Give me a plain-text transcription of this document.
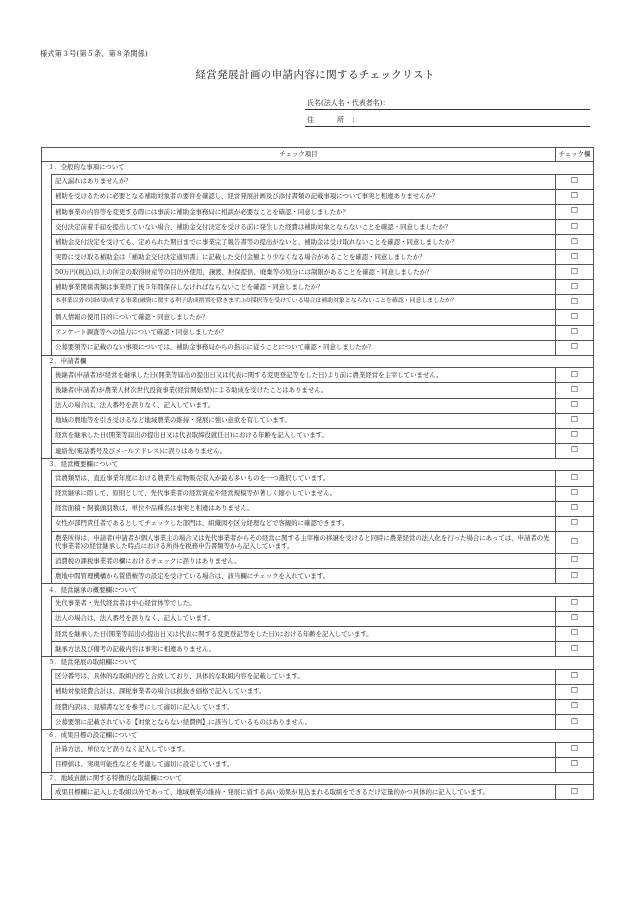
様式第３号(第５条、第８条関係)
経営発展計画の申請内容に関するチェックリスト
氏名(法人名・代表者名)：
住　所：
チェック項目		チェック欄
１．全般的な事項について		
	記入漏れはありませんか？	☐
	補助を受けるために必要となる補助対象者の要件を確認し、経営発展計画及び添付書類の記載事項について事実と相違ありませんか？	☐
	補助事業の内容等を変更する際には事前に補助金事務局に相談が必要なことを確認・同意しましたか？	☐
	交付決定前着手届を提出していない場合、補助金交付決定を受ける前に発生した経費は補助対象とならないことを確認・同意しましたか？	☐
	補助金交付決定を受けても、定められた期日までに事業完了報告書等の提出がないと、補助金は受け取れないことを確認・同意しましたか？	☐
	実際に受け取る補助金は「補助金交付決定通知書」に記載した交付金額より少なくなる場合があることを確認・同意しましたか？	☐
	50万円(税込)以上の所定の取得財産等の目的外使用、譲渡、担保提供、廃棄等の処分には制限があることを確認・同意しましたか？	☐
	補助事業関係書類は事業終了後５年間保存しなければならないことを確認・同意しましたか？	☐
	本事業以外の国が助成する事業(融資に関する利子助成措置を除きます。)の採択等を受けている場合は補助対象とならないことを確認・同意しましたか？	☐
	個人情報の使用目的について確認・同意しましたか？	☐
	アンケート調査等への協力について確認・同意しましたか？	☐
	公募要領等に記載のない事項については、補助金事務局からの指示に従うことについて確認・同意しましたか？	☐
２．申請者欄		
	後継者(申請者)が経営を継承した日(開業等届出の提出日又は代表に関する変更登記等をした日)より前に農業経営を主宰していません。	☐
	後継者(申請者)が農業人材次世代投資事業(経営開始型)による助成を受けたことはありません。	☐
	法人の場合は、法人番号を誤りなく、記入しています。	☐
	地域の農地等を引き受けるなど地域農業の維持・発展に強い意欲を有しています。	☐
	経営を継承した日(開業等届出の提出日又は代表取締役就任日)における年齢を記入しています。	☐
	連絡先(電話番号及びメールアドレス)に誤りはありません。	☐
３．経営概要欄について		
	営農類型は、直近事業年度における農業生産物販売収入が最も多いものを一つ選択しています。	☐
	経営継承に際して、原則として、先代事業者の経営資産や経営規模等が著しく縮小していません。	☐
	経営面積・飼養頭羽数は、単位や品種名は事実と相違はありません。	☐
	女性が部門責任者であるとしてチェックした部門は、組織図や区分経理などで客観的に確認できます。	☐
	農業所得は、申請者(申請者が個人事業主の場合又は先代事業者からその経営に関する主宰権の移譲を受けると同時に農業経営の法人化を行った場合にあっては、申請者の先代事業者)の経営継承した時点における所得を税務申告書類等から記入しています。	☐
	消費税の課税事業者の欄におけるチェックに誤りはありません。	☐
	農地中間管理機構から賃借権等の設定を受けている場合は、該当欄にチェックを入れています。	☐
４．経営継承の概要欄について		
	先代事業者・先代経営者は中心経営体等でした。	☐
	法人の場合は、法人番号を誤りなく、記入しています。	☐
	経営を継承した日(開業等届出の提出日又は代表に関する変更登記等をした日)における年齢を記入しています。	☐
	継承方法及び備考の記載内容は事実に相違ありません。	☐
５．経営発展の取組欄について		
	区分番号は、具体的な取組内容と合致しており、具体的な取組内容を記載しています。	☐
	補助対象経費合計は、課税事業者の場合は税抜き価格で記入しています。	☐
	経費内訳は、見積書などを参考にして適切に記入しています。	☐
	公募要領に記載されている【対象とならない経費例】に該当しているものはありません。	☐
６．成果目標の設定欄について		
	計算方法、単位など誤りなく記入しています。	☐
	目標値は、実現可能性などを考慮して適切に設定しています。	☐
７．地域貢献に関する特徴的な取組欄について		
	成果目標欄に記入した取組以外であって、地域農業の維持・発展に資する高い効果が見込まれる取組をできるだけ定量的かつ具体的に記入しています。	☐
